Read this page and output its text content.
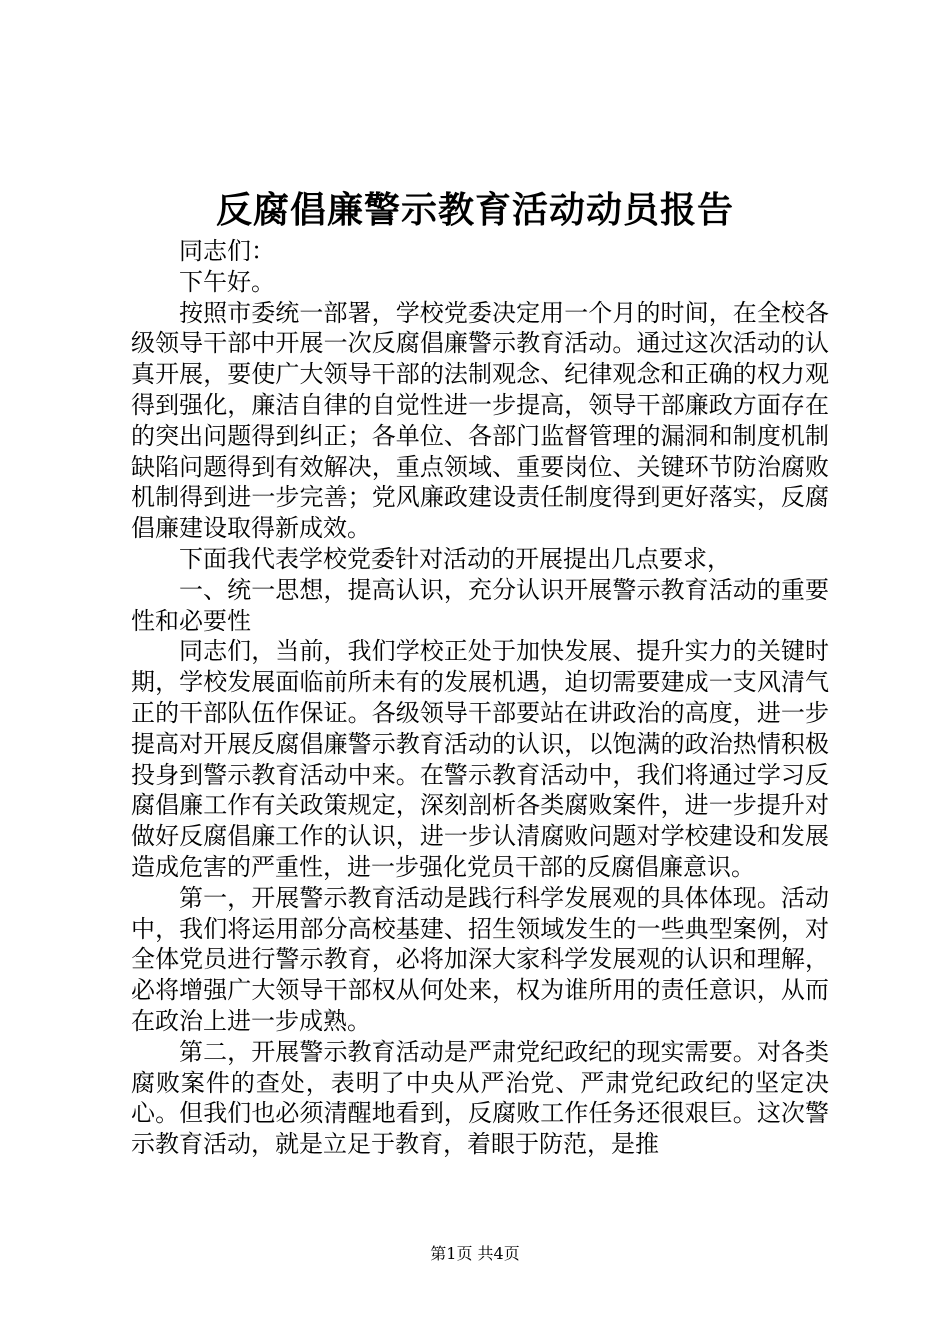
反腐倡廉警示教育活动动员报告

同志们：

下午好。

按照市委统一部署，学校党委决定用一个月的时间，在全校各级领导干部中开展一次反腐倡廉警示教育活动。通过这次活动的认真开展，要使广大领导干部的法制观念、纪律观念和正确的权力观得到强化，廉洁自律的自觉性进一步提高，领导干部廉政方面存在的突出问题得到纠正；各单位、各部门监督管理的漏洞和制度机制缺陷问题得到有效解决，重点领域、重要岗位、关键环节防治腐败机制得到进一步完善；党风廉政建设责任制度得到更好落实，反腐倡廉建设取得新成效。

下面我代表学校党委针对活动的开展提出几点要求，

一、统一思想，提高认识，充分认识开展警示教育活动的重要性和必要性

同志们，当前，我们学校正处于加快发展、提升实力的关键时期，学校发展面临前所未有的发展机遇，迫切需要建成一支风清气正的干部队伍作保证。各级领导干部要站在讲政治的高度，进一步提高对开展反腐倡廉警示教育活动的认识，以饱满的政治热情积极投身到警示教育活动中来。在警示教育活动中，我们将通过学习反腐倡廉工作有关政策规定，深刻剖析各类腐败案件，进一步提升对做好反腐倡廉工作的认识，进一步认清腐败问题对学校建设和发展造成危害的严重性，进一步强化党员干部的反腐倡廉意识。

第一，开展警示教育活动是践行科学发展观的具体体现。活动中，我们将运用部分高校基建、招生领域发生的一些典型案例，对全体党员进行警示教育，必将加深大家科学发展观的认识和理解，必将增强广大领导干部权从何处来，权为谁所用的责任意识，从而在政治上进一步成熟。

第二，开展警示教育活动是严肃党纪政纪的现实需要。对各类腐败案件的查处，表明了中央从严治党、严肃党纪政纪的坚定决心。但我们也必须清醒地看到，反腐败工作任务还很艰巨。这次警示教育活动，就是立足于教育，着眼于防范，是推

第1页 共4页
